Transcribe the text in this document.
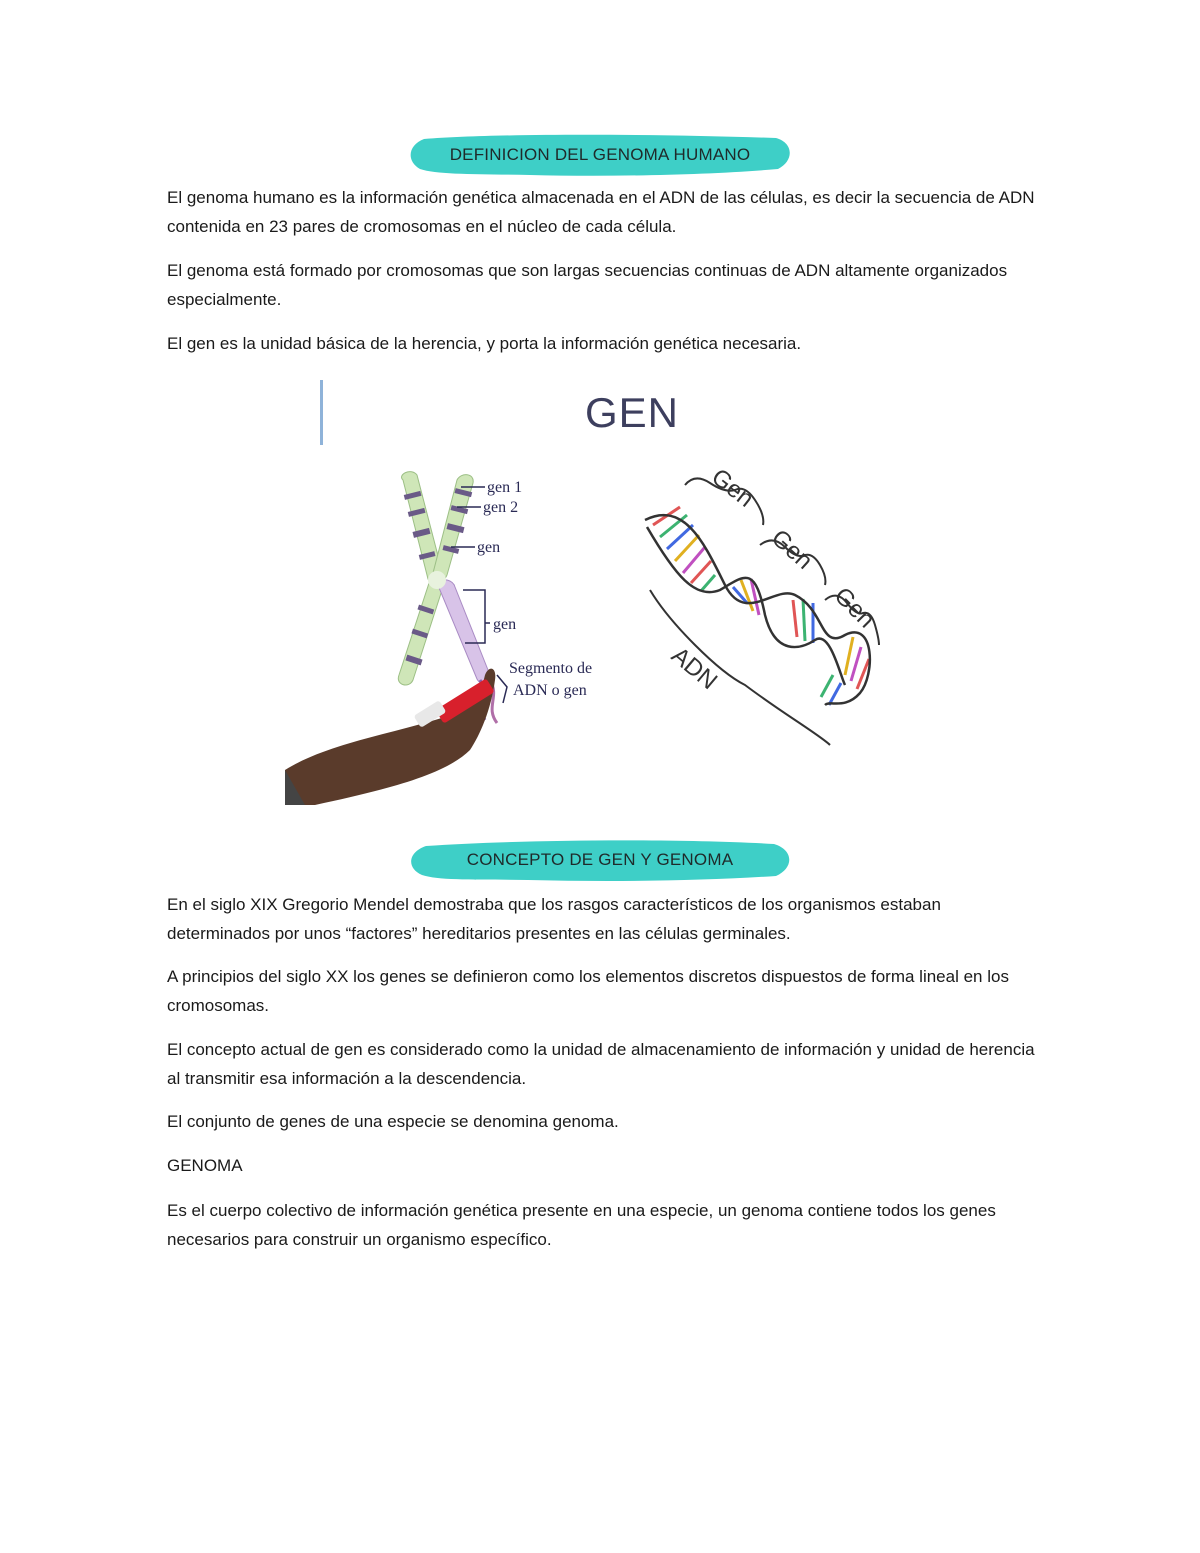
DEFINICION DEL GENOMA HUMANO

El genoma humano es la información genética almacenada en el ADN de las células, es decir la secuencia de ADN contenida en 23 pares de cromosomas en el núcleo de cada célula.

El genoma está formado por cromosomas que son largas secuencias continuas de ADN altamente organizados especialmente.

El gen es la unidad básica de la herencia, y porta la información genética necesaria.

GEN
gen 1
gen 2
gen
gen
Segmento de
ADN o gen
Gen
Gen
Gen
ADN
CONCEPTO DE GEN Y GENOMA

En el siglo XIX Gregorio Mendel demostraba que los rasgos característicos de los organismos estaban determinados por unos “factores” hereditarios presentes en las células germinales.

A principios del siglo XX los genes se definieron como los elementos discretos dispuestos de forma lineal en los cromosomas.

El concepto actual de gen es considerado como la unidad de almacenamiento de información y unidad de herencia al transmitir esa información a la descendencia.

El conjunto de genes de una especie se denomina genoma.

GENOMA

Es el cuerpo colectivo de información genética presente en una especie, un genoma contiene todos los genes necesarios para construir un organismo específico.
